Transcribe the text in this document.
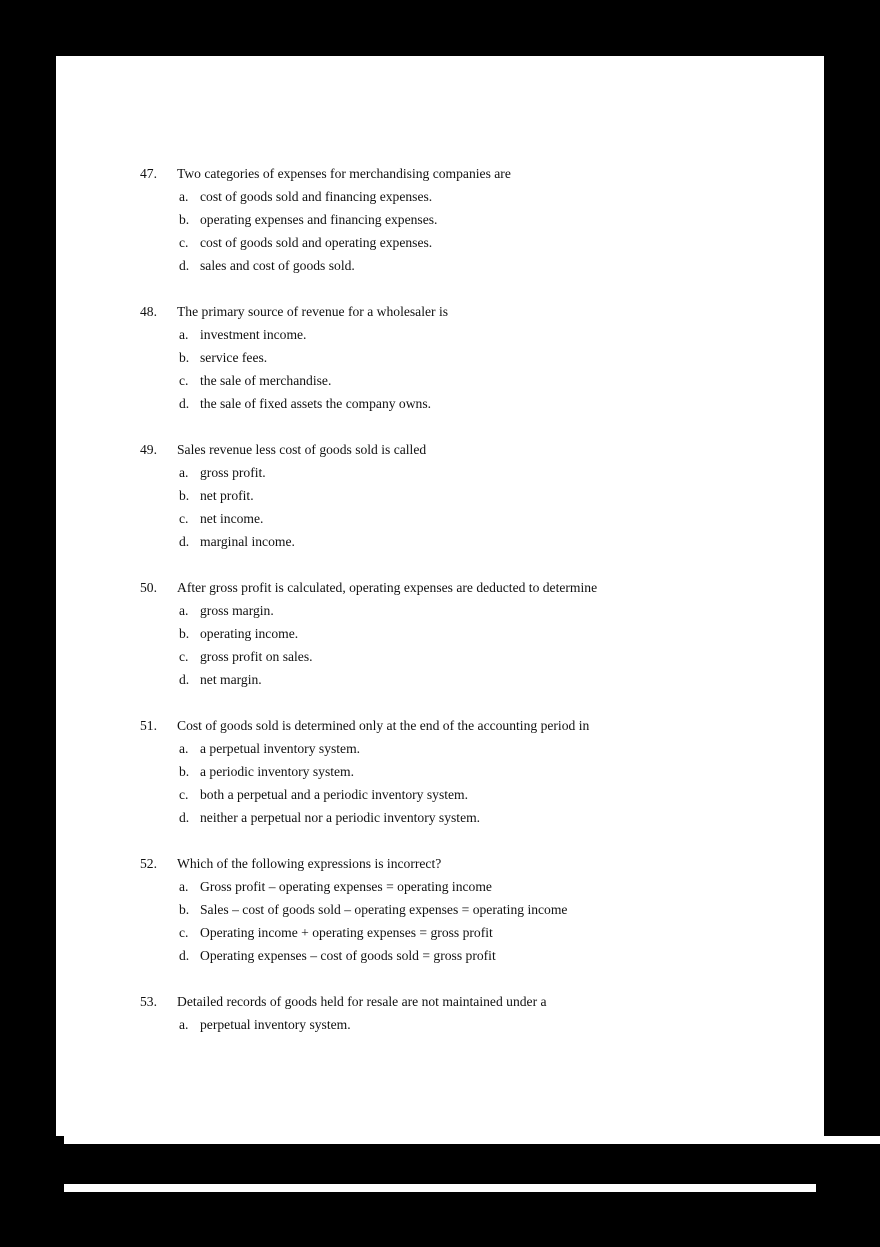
47. Two categories of expenses for merchandising companies are
a. cost of goods sold and financing expenses.
b. operating expenses and financing expenses.
c. cost of goods sold and operating expenses.
d. sales and cost of goods sold.
48. The primary source of revenue for a wholesaler is
a. investment income.
b. service fees.
c. the sale of merchandise.
d. the sale of fixed assets the company owns.
49. Sales revenue less cost of goods sold is called
a. gross profit.
b. net profit.
c. net income.
d. marginal income.
50. After gross profit is calculated, operating expenses are deducted to determine
a. gross margin.
b. operating income.
c. gross profit on sales.
d. net margin.
51. Cost of goods sold is determined only at the end of the accounting period in
a. a perpetual inventory system.
b. a periodic inventory system.
c. both a perpetual and a periodic inventory system.
d. neither a perpetual nor a periodic inventory system.
52. Which of the following expressions is incorrect?
a. Gross profit – operating expenses = operating income
b. Sales – cost of goods sold – operating expenses = operating income
c. Operating income + operating expenses = gross profit
d. Operating expenses – cost of goods sold = gross profit
53. Detailed records of goods held for resale are not maintained under a
a. perpetual inventory system.
